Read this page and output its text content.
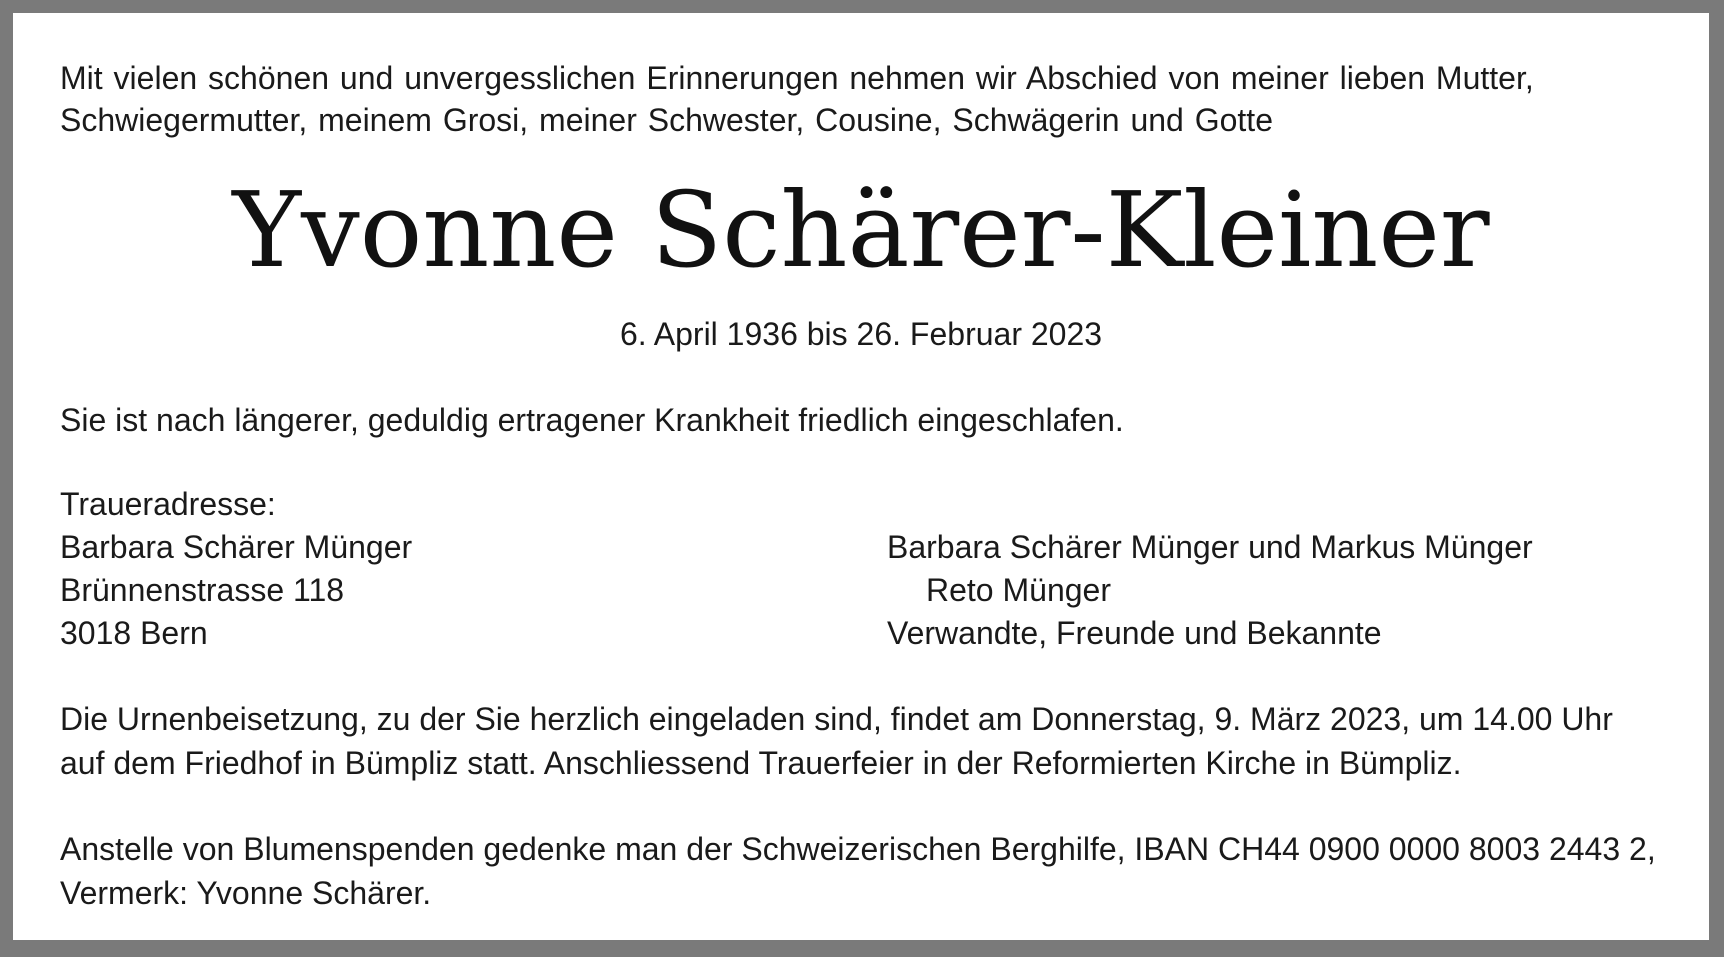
Mit vielen schönen und unvergesslichen Erinnerungen nehmen wir Abschied von meiner lieben Mutter,
Schwiegermutter, meinem Grosi, meiner Schwester, Cousine, Schwägerin und Gotte
Yvonne Schärer-Kleiner
6. April 1936 bis 26. Februar 2023
Sie ist nach längerer, geduldig ertragener Krankheit friedlich eingeschlafen.
Traueradresse:
Barbara Schärer Münger
Brünnenstrasse 118
3018 Bern
Barbara Schärer Münger und Markus Münger
Reto Münger
Verwandte, Freunde und Bekannte
Die Urnenbeisetzung, zu der Sie herzlich eingeladen sind, findet am Donnerstag, 9. März 2023, um 14.00 Uhr
auf dem Friedhof in Bümpliz statt. Anschliessend Trauerfeier in der Reformierten Kirche in Bümpliz.
Anstelle von Blumenspenden gedenke man der Schweizerischen Berghilfe, IBAN CH44 0900 0000 8003 2443 2,
Vermerk: Yvonne Schärer.
